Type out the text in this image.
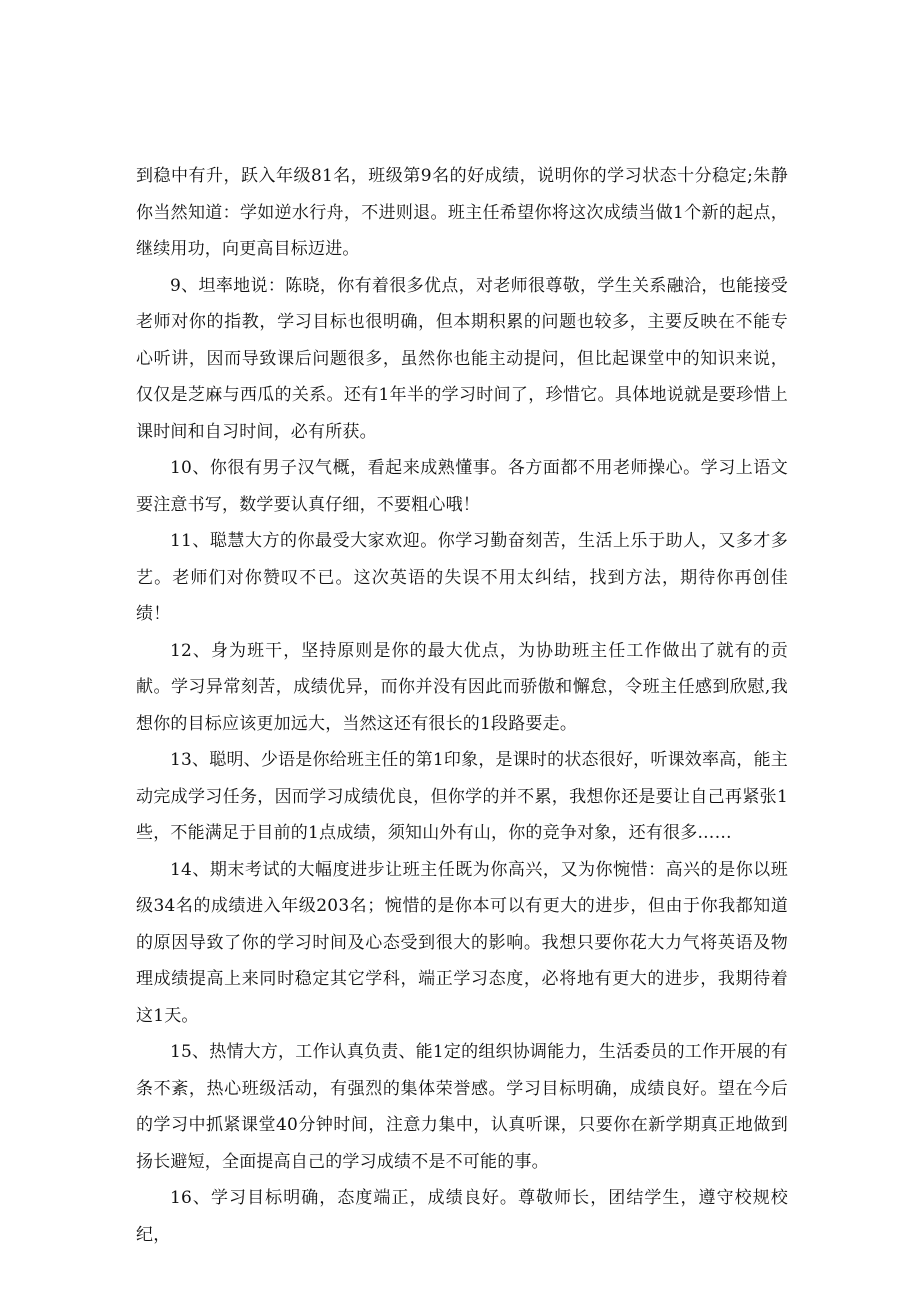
到稳中有升，跃入年级81名，班级第9名的好成绩，说明你的学习状态十分稳定;朱静你当然知道：学如逆水行舟，不进则退。班主任希望你将这次成绩当做1个新的起点，继续用功，向更高目标迈进。

9、坦率地说：陈晓，你有着很多优点，对老师很尊敬，学生关系融洽，也能接受老师对你的指教，学习目标也很明确，但本期积累的问题也较多，主要反映在不能专心听讲，因而导致课后问题很多，虽然你也能主动提问，但比起课堂中的知识来说，仅仅是芝麻与西瓜的关系。还有1年半的学习时间了，珍惜它。具体地说就是要珍惜上课时间和自习时间，必有所获。

10、你很有男子汉气概，看起来成熟懂事。各方面都不用老师操心。学习上语文要注意书写，数学要认真仔细，不要粗心哦！

11、聪慧大方的你最受大家欢迎。你学习勤奋刻苦，生活上乐于助人，又多才多艺。老师们对你赞叹不已。这次英语的失误不用太纠结，找到方法，期待你再创佳绩！

12、身为班干，坚持原则是你的最大优点，为协助班主任工作做出了就有的贡献。学习异常刻苦，成绩优异，而你并没有因此而骄傲和懈怠，令班主任感到欣慰,我想你的目标应该更加远大，当然这还有很长的1段路要走。

13、聪明、少语是你给班主任的第1印象，是课时的状态很好，听课效率高，能主动完成学习任务，因而学习成绩优良，但你学的并不累，我想你还是要让自己再紧张1些，不能满足于目前的1点成绩，须知山外有山，你的竞争对象，还有很多……

14、期末考试的大幅度进步让班主任既为你高兴，又为你惋惜：高兴的是你以班级34名的成绩进入年级203名；惋惜的是你本可以有更大的进步，但由于你我都知道的原因导致了你的学习时间及心态受到很大的影响。我想只要你花大力气将英语及物理成绩提高上来同时稳定其它学科，端正学习态度，必将地有更大的进步，我期待着这1天。

15、热情大方，工作认真负责、能1定的组织协调能力，生活委员的工作开展的有条不紊，热心班级活动，有强烈的集体荣誉感。学习目标明确，成绩良好。望在今后的学习中抓紧课堂40分钟时间，注意力集中，认真听课，只要你在新学期真正地做到扬长避短，全面提高自己的学习成绩不是不可能的事。

16、学习目标明确，态度端正，成绩良好。尊敬师长，团结学生，遵守校规校纪，
